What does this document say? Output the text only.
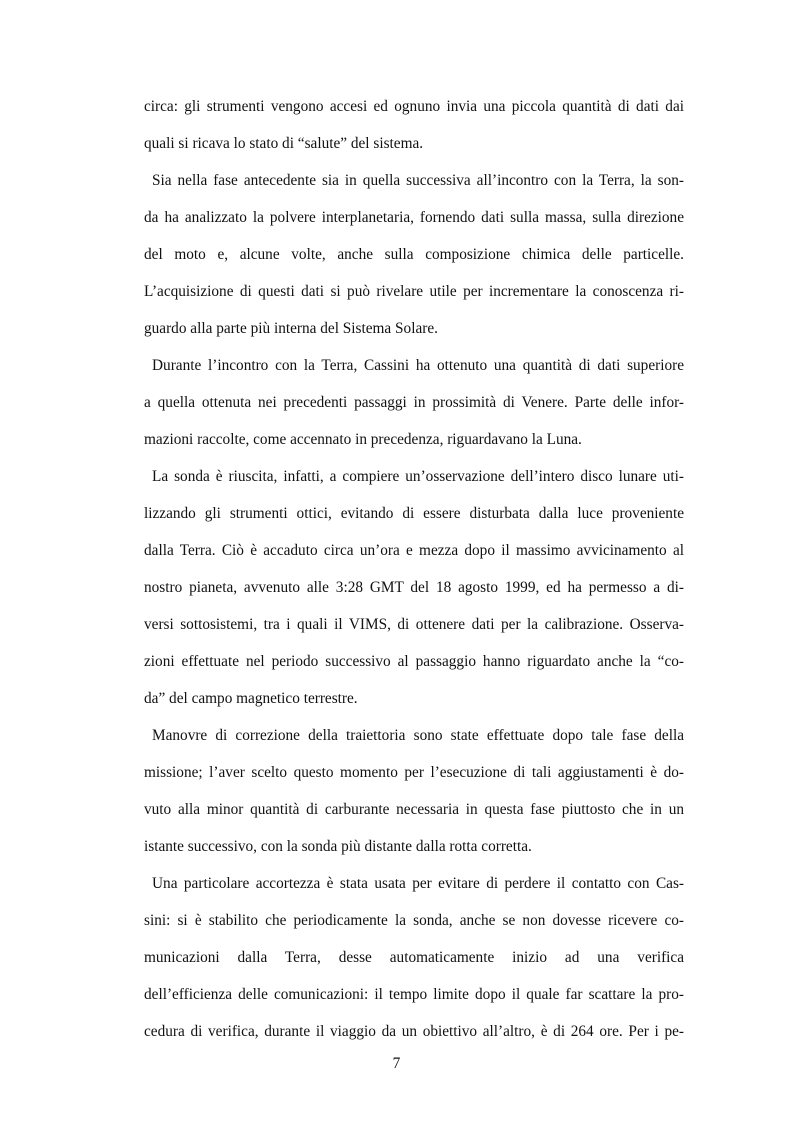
circa: gli strumenti vengono accesi ed ognuno invia una piccola quantità di dati dai
quali si ricava lo stato di “salute” del sistema.
Sia nella fase antecedente sia in quella successiva all’incontro con la Terra, la son-
da ha analizzato la polvere interplanetaria, fornendo dati sulla massa, sulla direzione
del moto e, alcune volte, anche sulla composizione chimica delle particelle.
L’acquisizione di questi dati si può rivelare utile per incrementare la conoscenza ri-
guardo alla parte più interna del Sistema Solare.
Durante l’incontro con la Terra, Cassini ha ottenuto una quantità di dati superiore
a quella ottenuta nei precedenti passaggi in prossimità di Venere. Parte delle infor-
mazioni raccolte, come accennato in precedenza, riguardavano la Luna.
La sonda è riuscita, infatti, a compiere un’osservazione dell’intero disco lunare uti-
lizzando gli strumenti ottici, evitando di essere disturbata dalla luce proveniente
dalla Terra. Ciò è accaduto circa un’ora e mezza dopo il massimo avvicinamento al
nostro pianeta, avvenuto alle 3:28 GMT del 18 agosto 1999, ed ha permesso a di-
versi sottosistemi, tra i quali il VIMS, di ottenere dati per la calibrazione. Osserva-
zioni effettuate nel periodo successivo al passaggio hanno riguardato anche la “co-
da” del campo magnetico terrestre.
Manovre di correzione della traiettoria sono state effettuate dopo tale fase della
missione; l’aver scelto questo momento per l’esecuzione di tali aggiustamenti è do-
vuto alla minor quantità di carburante necessaria in questa fase piuttosto che in un
istante successivo, con la sonda più distante dalla rotta corretta.
Una particolare accortezza è stata usata per evitare di perdere il contatto con Cas-
sini: si è stabilito che periodicamente la sonda, anche se non dovesse ricevere co-
municazioni dalla Terra, desse automaticamente inizio ad una verifica
dell’efficienza delle comunicazioni: il tempo limite dopo il quale far scattare la pro-
cedura di verifica, durante il viaggio da un obiettivo all’altro, è di 264 ore. Per i pe-
7
